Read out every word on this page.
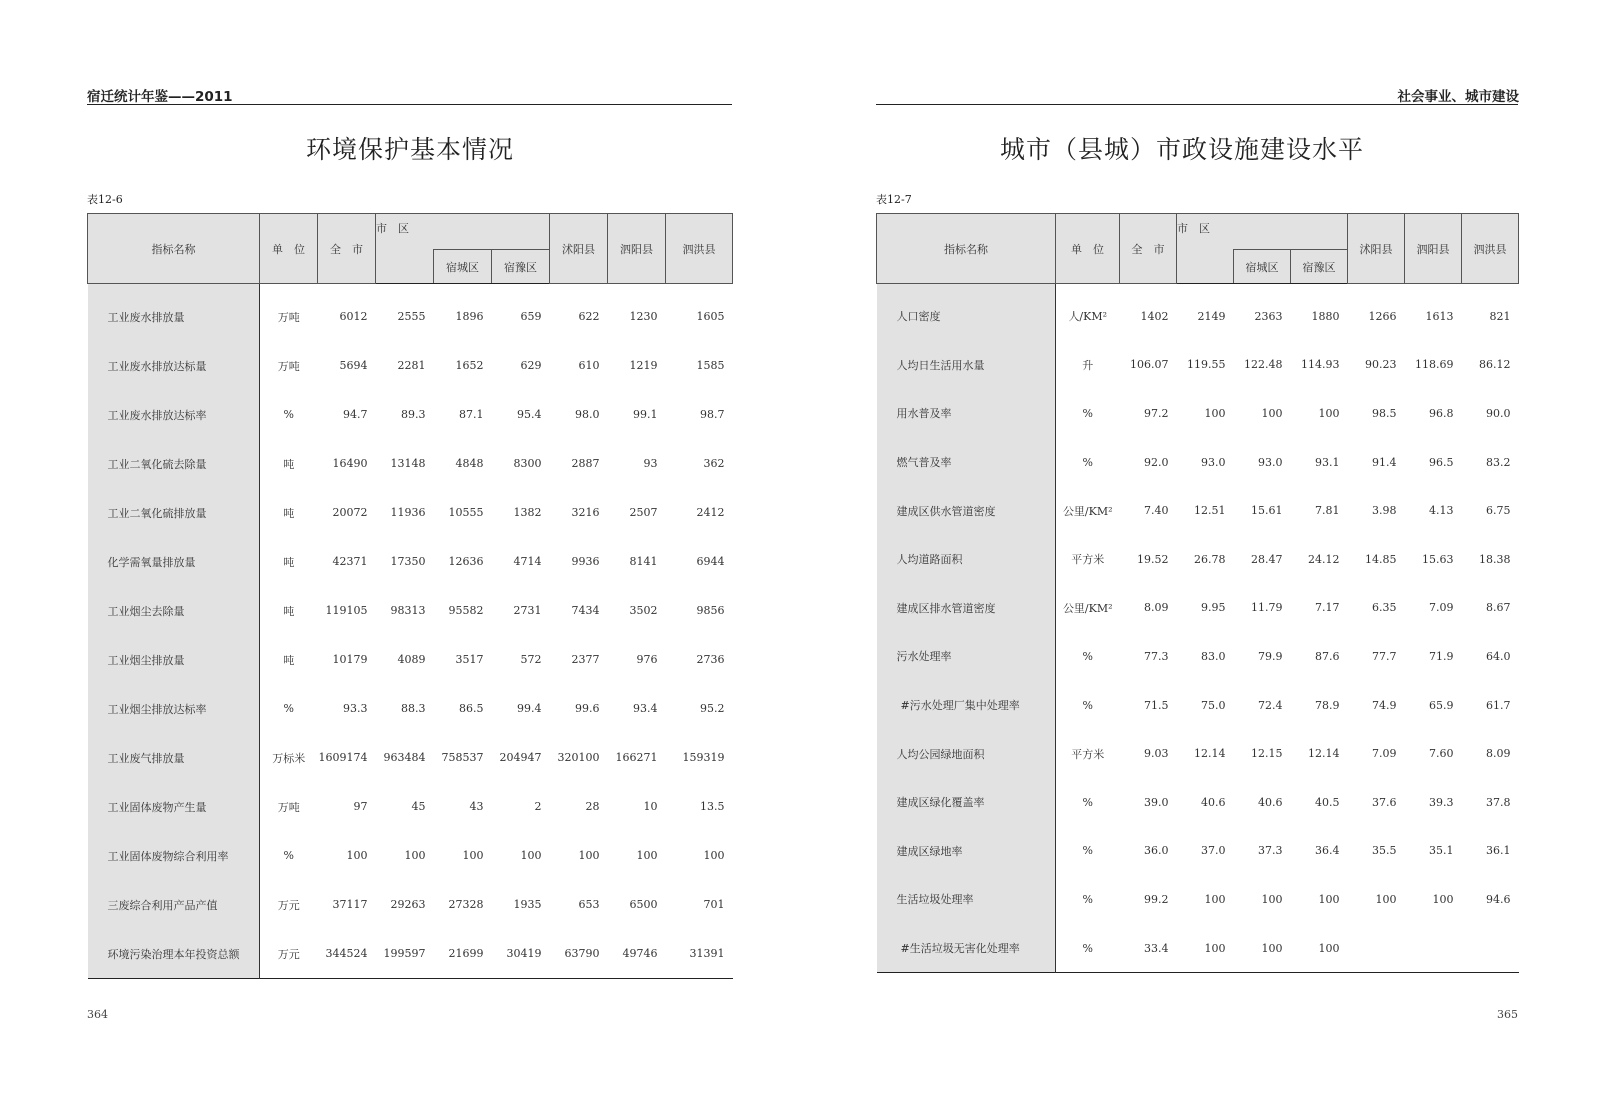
宿迁统计年鉴——2011
环境保护基本情况
表12-6
指标名称	单　位	全　市	市　区			沭阳县	泗阳县	泗洪县
				宿城区	宿豫区			
工业废水排放量	万吨	6012	2555	1896	659	622	1230	1605
工业废水排放达标量	万吨	5694	2281	1652	629	610	1219	1585
工业废水排放达标率	%	94.7	89.3	87.1	95.4	98.0	99.1	98.7
工业二氧化硫去除量	吨	16490	13148	4848	8300	2887	93	362
工业二氧化硫排放量	吨	20072	11936	10555	1382	3216	2507	2412
化学需氧量排放量	吨	42371	17350	12636	4714	9936	8141	6944
工业烟尘去除量	吨	119105	98313	95582	2731	7434	3502	9856
工业烟尘排放量	吨	10179	4089	3517	572	2377	976	2736
工业烟尘排放达标率	%	93.3	88.3	86.5	99.4	99.6	93.4	95.2
工业废气排放量	万标米	1609174	963484	758537	204947	320100	166271	159319
工业固体废物产生量	万吨	97	45	43	2	28	10	13.5
工业固体废物综合利用率	%	100	100	100	100	100	100	100
三废综合利用产品产值	万元	37117	29263	27328	1935	653	6500	701
环境污染治理本年投资总额	万元	344524	199597	21699	30419	63790	49746	31391
364
社会事业、城市建设
城市（县城）市政设施建设水平
表12-7
指标名称	单　位	全　市	市　区			沭阳县	泗阳县	泗洪县
				宿城区	宿豫区			
人口密度	人/KM²	1402	2149	2363	1880	1266	1613	821
人均日生活用水量	升	106.07	119.55	122.48	114.93	90.23	118.69	86.12
用水普及率	%	97.2	100	100	100	98.5	96.8	90.0
燃气普及率	%	92.0	93.0	93.0	93.1	91.4	96.5	83.2
建成区供水管道密度	公里/KM²	7.40	12.51	15.61	7.81	3.98	4.13	6.75
人均道路面积	平方米	19.52	26.78	28.47	24.12	14.85	15.63	18.38
建成区排水管道密度	公里/KM²	8.09	9.95	11.79	7.17	6.35	7.09	8.67
污水处理率	%	77.3	83.0	79.9	87.6	77.7	71.9	64.0
#污水处理厂集中处理率	%	71.5	75.0	72.4	78.9	74.9	65.9	61.7
人均公园绿地面积	平方米	9.03	12.14	12.15	12.14	7.09	7.60	8.09
建成区绿化覆盖率	%	39.0	40.6	40.6	40.5	37.6	39.3	37.8
建成区绿地率	%	36.0	37.0	37.3	36.4	35.5	35.1	36.1
生活垃圾处理率	%	99.2	100	100	100	100	100	94.6
#生活垃圾无害化处理率	%	33.4	100	100	100			
365
